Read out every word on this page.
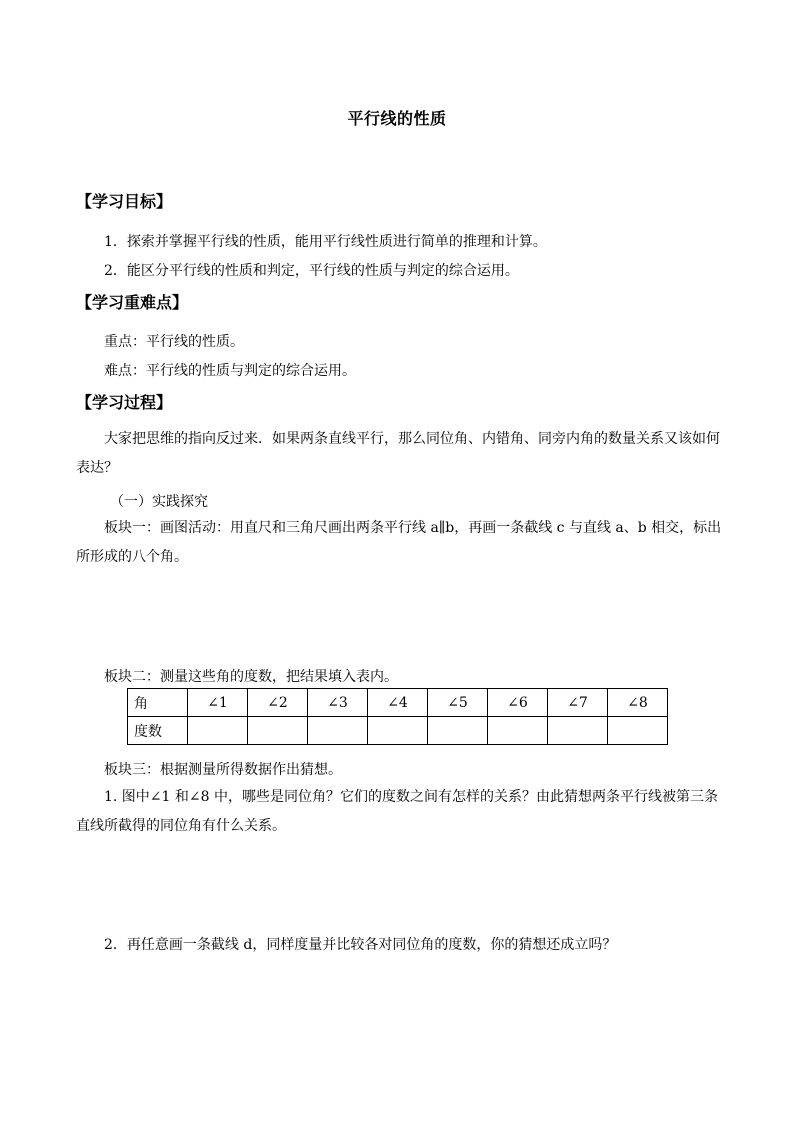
平行线的性质
【学习目标】
1．探索并掌握平行线的性质，能用平行线性质进行简单的推理和计算。
2．能区分平行线的性质和判定，平行线的性质与判定的综合运用。
【学习重难点】
重点：平行线的性质。
难点：平行线的性质与判定的综合运用。
【学习过程】
大家把思维的指向反过来．如果两条直线平行，那么同位角、内错角、同旁内角的数量关系又该如何表达？
（一）实践探究
板块一：画图活动：用直尺和三角尺画出两条平行线 a∥b，再画一条截线 c 与直线 a、b 相交，标出所形成的八个角。
板块二：测量这些角的度数，把结果填入表内。
角	∠1	∠2	∠3	∠4	∠5	∠6	∠7	∠8
度数								
板块三：根据测量所得数据作出猜想。
1. 图中∠1 和∠8 中，哪些是同位角？它们的度数之间有怎样的关系？由此猜想两条平行线被第三条直线所截得的同位角有什么关系。
2．再任意画一条截线 d，同样度量并比较各对同位角的度数，你的猜想还成立吗？
